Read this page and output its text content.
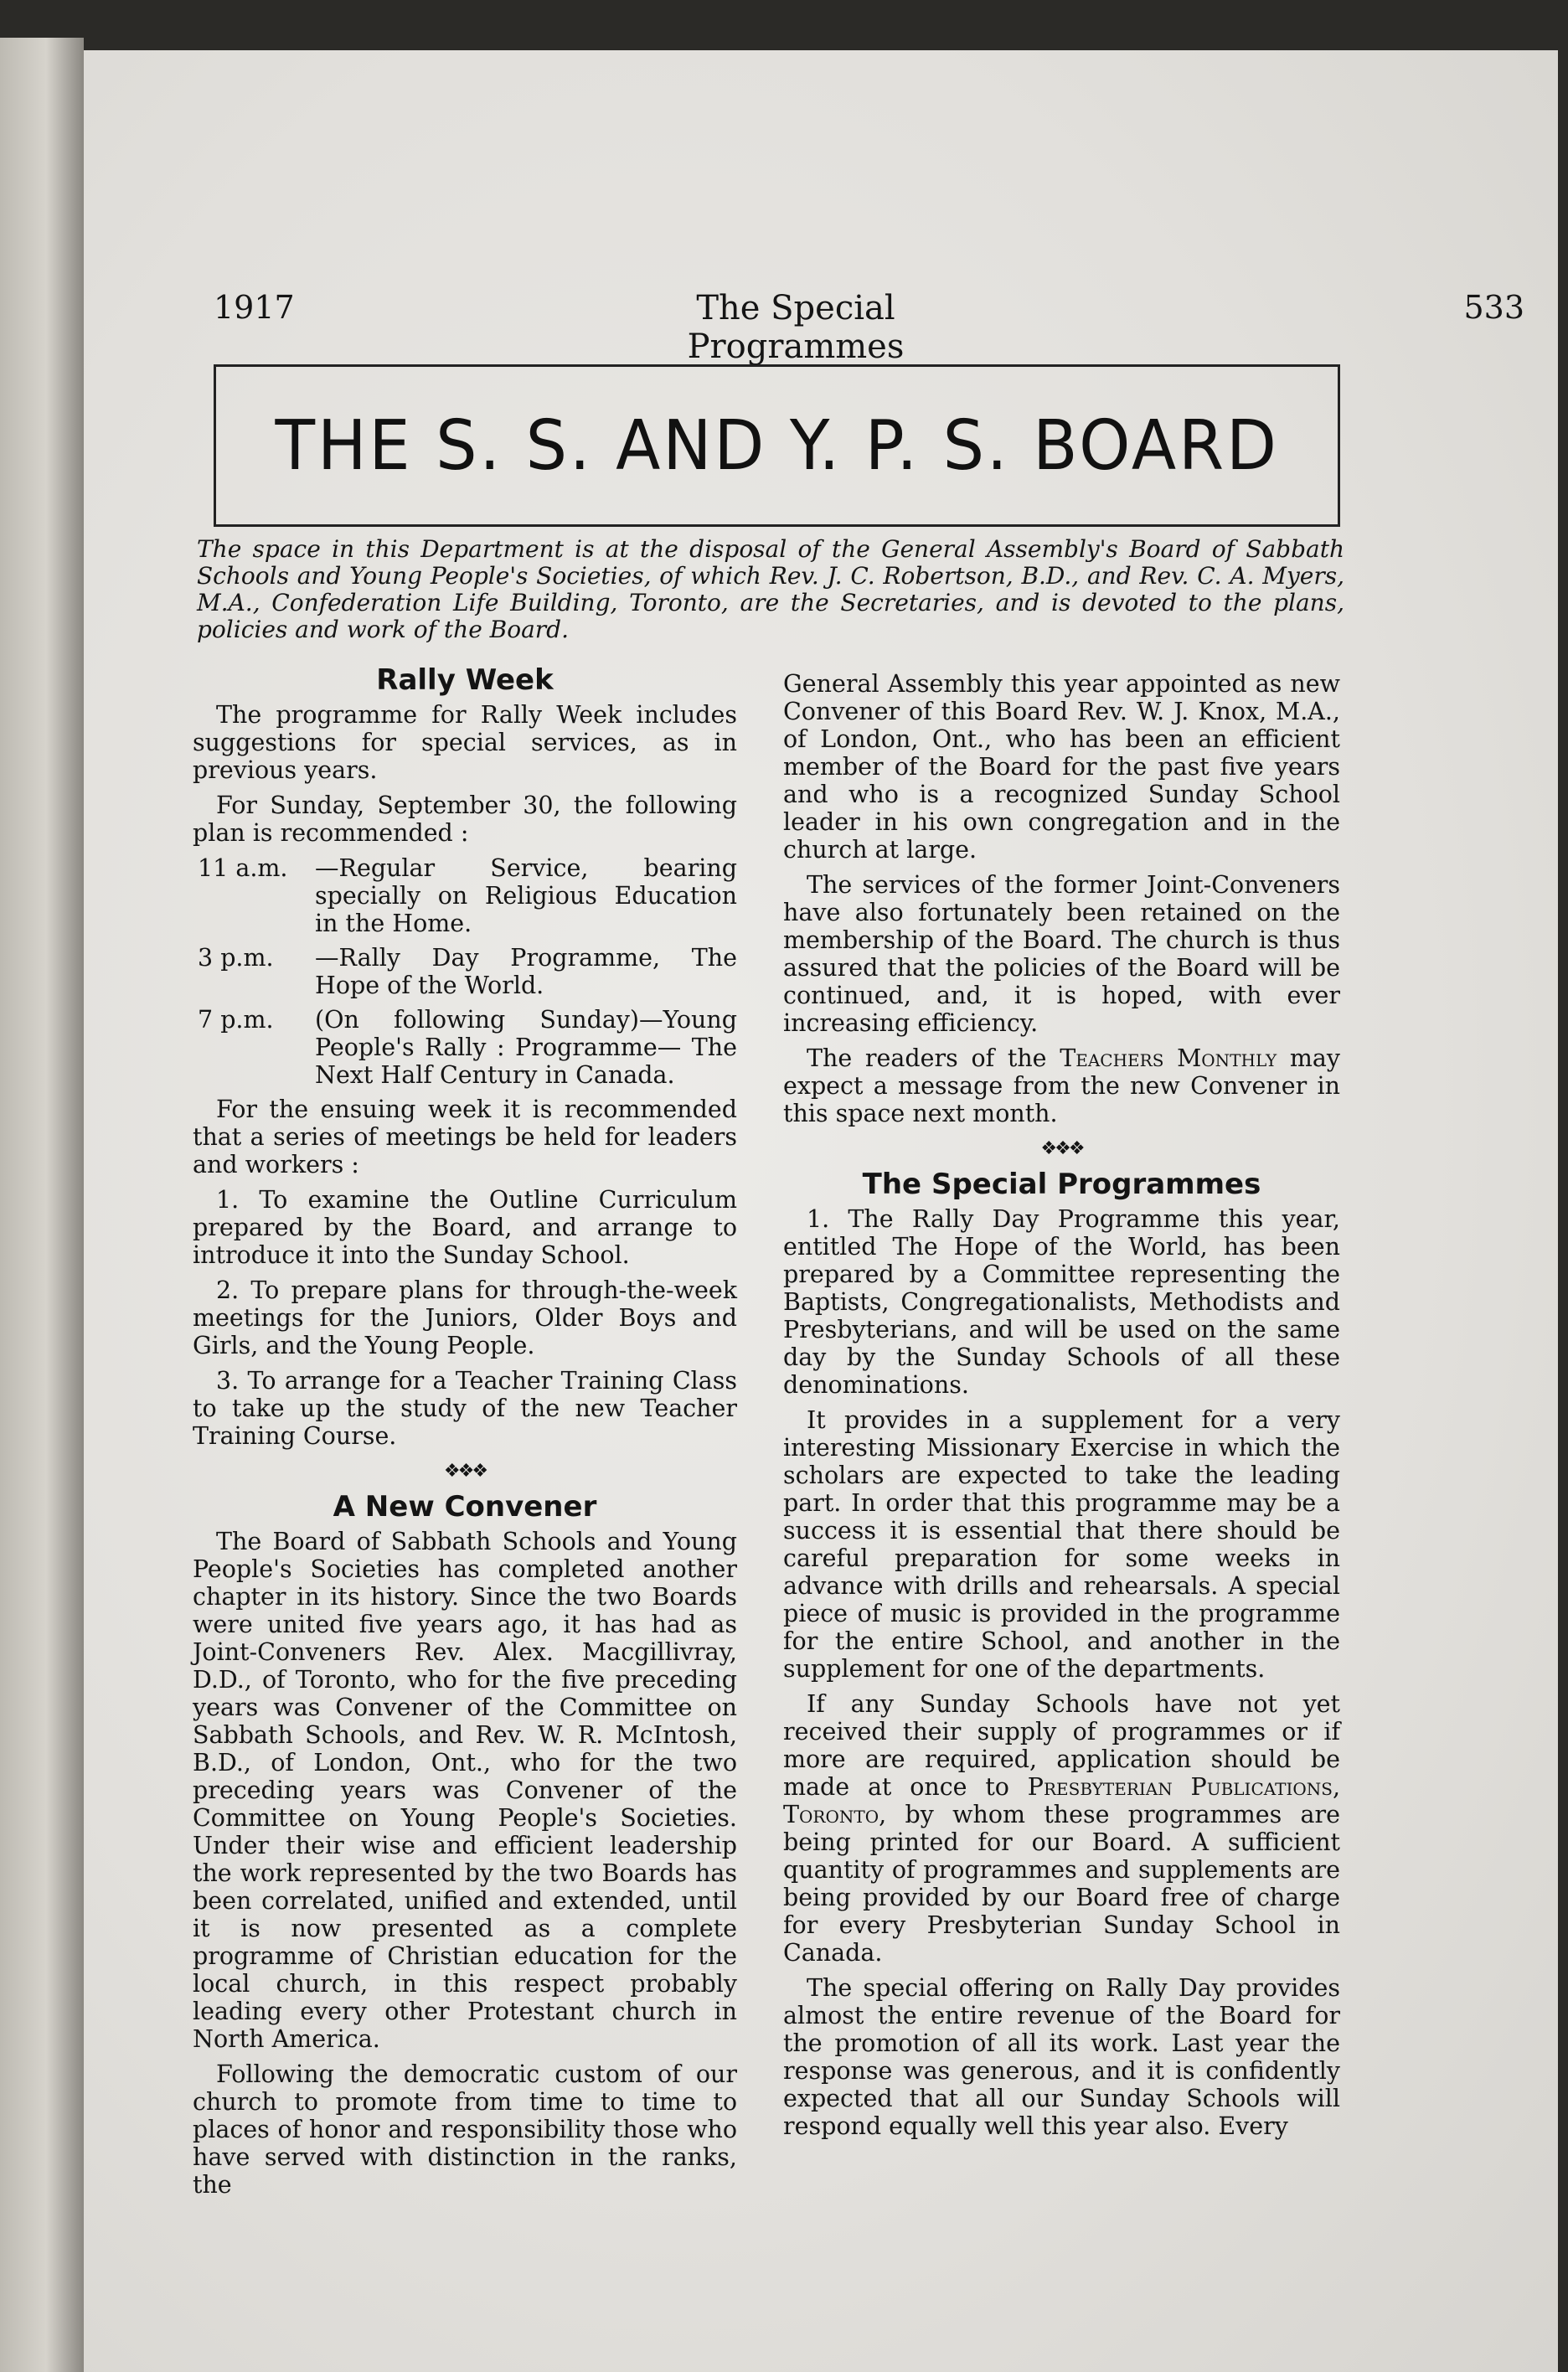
1917	The Special Programmes
533
THE S. S. AND Y. P. S. BOARD
The space in this Department is at the disposal of the General Assembly's Board of Sabbath Schools and Young People's Societies, of which Rev. J. C. Robertson, B.D., and Rev. C. A. Myers, M.A., Confederation Life Building, Toronto, are the Secretaries, and is devoted to the plans, policies and work of the Board.
Rally Week

The programme for Rally Week includes suggestions for special services, as in previous years.

For Sunday, September 30, the following plan is recommended :

11 a.m.	—Regular Service, bearing specially on Religious Education in the Home.
3 p.m.	—Rally Day Programme, The Hope of the World.
7 p.m.	(On following Sunday)—Young People's Rally : Programme— The Next Half Century in Canada.

For the ensuing week it is recommended that a series of meetings be held for leaders and workers :

1. To examine the Outline Curriculum prepared by the Board, and arrange to introduce it into the Sunday School.

2. To prepare plans for through-the-week meetings for the Juniors, Older Boys and Girls, and the Young People.

3. To arrange for a Teacher Training Class to take up the study of the new Teacher Training Course.

❖❖❖
A New Convener

The Board of Sabbath Schools and Young People's Societies has completed another chapter in its history. Since the two Boards were united five years ago, it has had as Joint-Conveners Rev. Alex. Macgillivray, D.D., of Toronto, who for the five preceding years was Convener of the Committee on Sabbath Schools, and Rev. W. R. McIntosh, B.D., of London, Ont., who for the two preceding years was Convener of the Committee on Young People's Societies. Under their wise and efficient leadership the work represented by the two Boards has been correlated, unified and extended, until it is now presented as a complete programme of Christian education for the local church, in this respect probably leading every other Protestant church in North America.

Following the democratic custom of our church to promote from time to time to places of honor and responsibility those who have served with distinction in the ranks, the

General Assembly this year appointed as new Convener of this Board Rev. W. J. Knox, M.A., of London, Ont., who has been an efficient member of the Board for the past five years and who is a recognized Sunday School leader in his own congregation and in the church at large.

The services of the former Joint-Conveners have also fortunately been retained on the membership of the Board. The church is thus assured that the policies of the Board will be continued, and, it is hoped, with ever increasing efficiency.

The readers of the Teachers Monthly may expect a message from the new Convener in this space next month.

❖❖❖
The Special Programmes

1. The Rally Day Programme this year, entitled The Hope of the World, has been prepared by a Committee representing the Baptists, Congregationalists, Methodists and Presbyterians, and will be used on the same day by the Sunday Schools of all these denominations.

It provides in a supplement for a very interesting Missionary Exercise in which the scholars are expected to take the leading part. In order that this programme may be a success it is essential that there should be careful preparation for some weeks in advance with drills and rehearsals. A special piece of music is provided in the programme for the entire School, and another in the supplement for one of the departments.

If any Sunday Schools have not yet received their supply of programmes or if more are required, application should be made at once to Presbyterian Publications, Toronto, by whom these programmes are being printed for our Board. A sufficient quantity of programmes and supplements are being provided by our Board free of charge for every Presbyterian Sunday School in Canada.

The special offering on Rally Day provides almost the entire revenue of the Board for the promotion of all its work. Last year the response was generous, and it is confidently expected that all our Sunday Schools will respond equally well this year also. Every
